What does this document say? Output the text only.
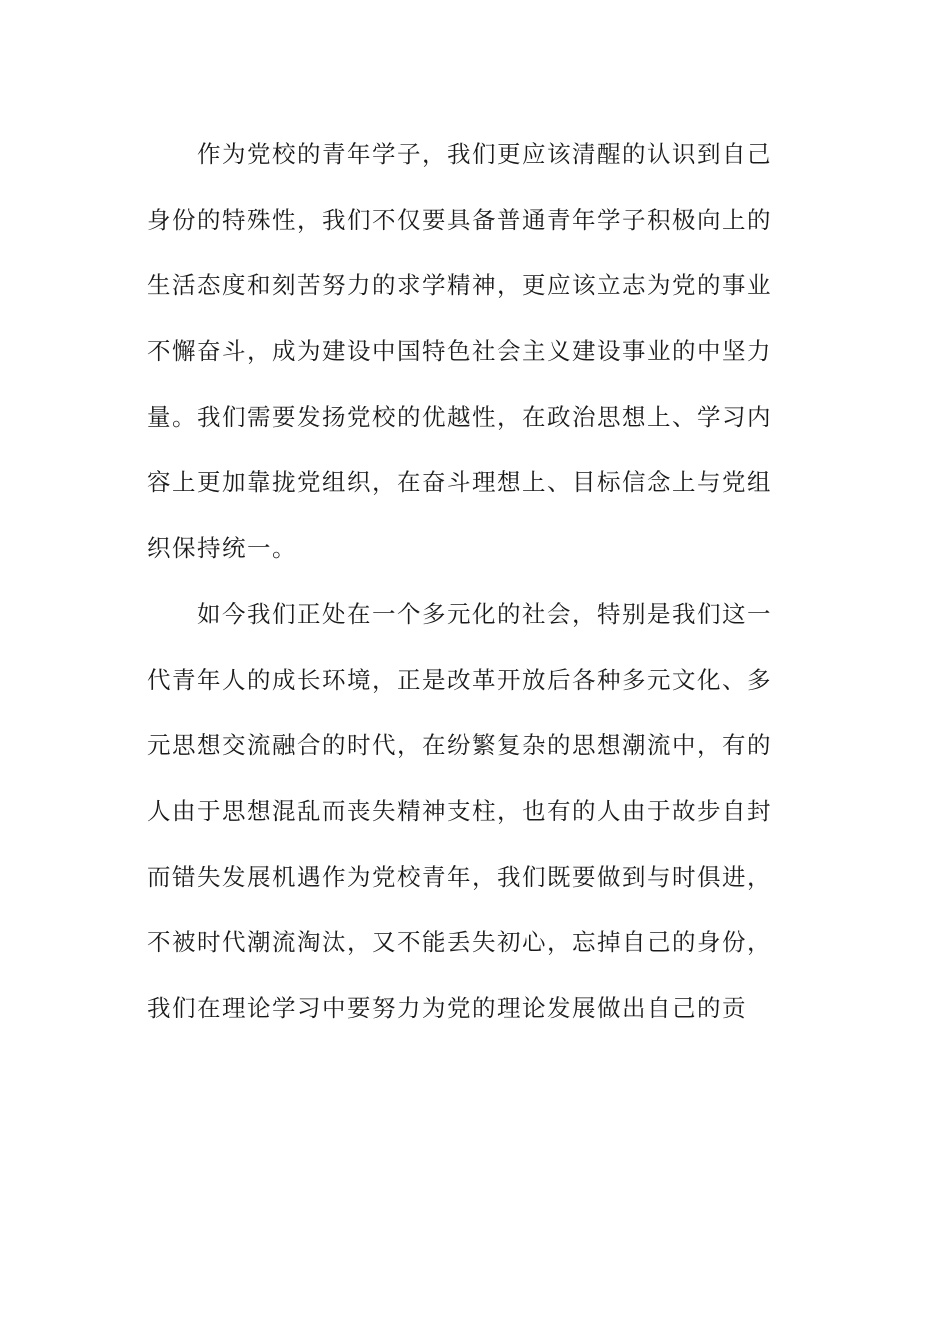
作为党校的青年学子，我们更应该清醒的认识到自己
身份的特殊性，我们不仅要具备普通青年学子积极向上的
生活态度和刻苦努力的求学精神，更应该立志为党的事业
不懈奋斗，成为建设中国特色社会主义建设事业的中坚力
量。我们需要发扬党校的优越性，在政治思想上、学习内
容上更加靠拢党组织，在奋斗理想上、目标信念上与党组
织保持统一。
如今我们正处在一个多元化的社会，特别是我们这一
代青年人的成长环境，正是改革开放后各种多元文化、多
元思想交流融合的时代，在纷繁复杂的思想潮流中，有的
人由于思想混乱而丧失精神支柱，也有的人由于故步自封
而错失发展机遇作为党校青年，我们既要做到与时俱进，
不被时代潮流淘汰，又不能丢失初心，忘掉自己的身份，
我们在理论学习中要努力为党的理论发展做出自己的贡
